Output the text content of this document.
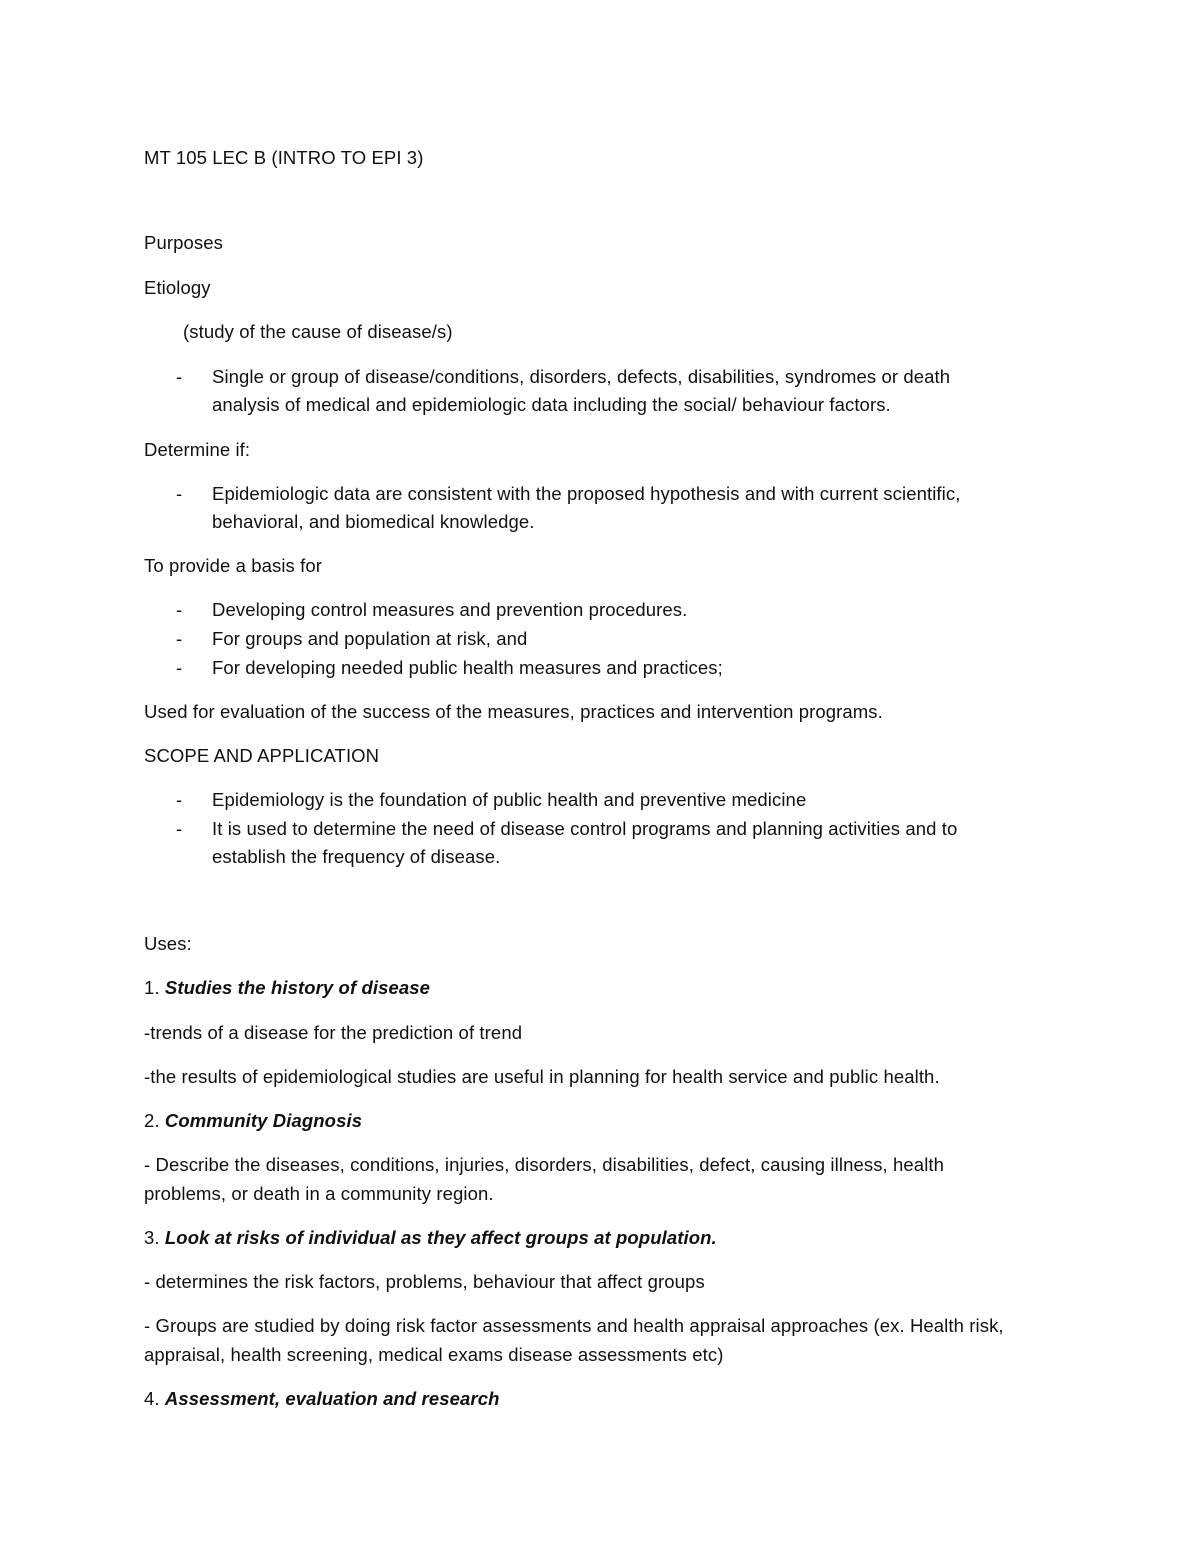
MT 105 LEC B (INTRO TO EPI 3)
Purposes
Etiology
(study of the cause of disease/s)
- Single or group of disease/conditions, disorders, defects, disabilities, syndromes or death
analysis of medical and epidemiologic data including the social/ behaviour factors.
Determine if:
- Epidemiologic data are consistent with the proposed hypothesis and with current scientific,
behavioral, and biomedical knowledge.
To provide a basis for
- Developing control measures and prevention procedures.
- For groups and population at risk, and
- For developing needed public health measures and practices;
Used for evaluation of the success of the measures, practices and intervention programs.
SCOPE AND APPLICATION
- Epidemiology is the foundation of public health and preventive medicine
- It is used to determine the need of disease control programs and planning activities and to
establish the frequency of disease.
Uses:
1. Studies the history of disease
-trends of a disease for the prediction of trend
-the results of epidemiological studies are useful in planning for health service and public health.
2. Community Diagnosis
- Describe the diseases, conditions, injuries, disorders, disabilities, defect, causing illness, health
problems, or death in a community region.
3. Look at risks of individual as they affect groups at population.
- determines the risk factors, problems, behaviour that affect groups
- Groups are studied by doing risk factor assessments and health appraisal approaches (ex. Health risk,
appraisal, health screening, medical exams disease assessments etc)
4. Assessment, evaluation and research
